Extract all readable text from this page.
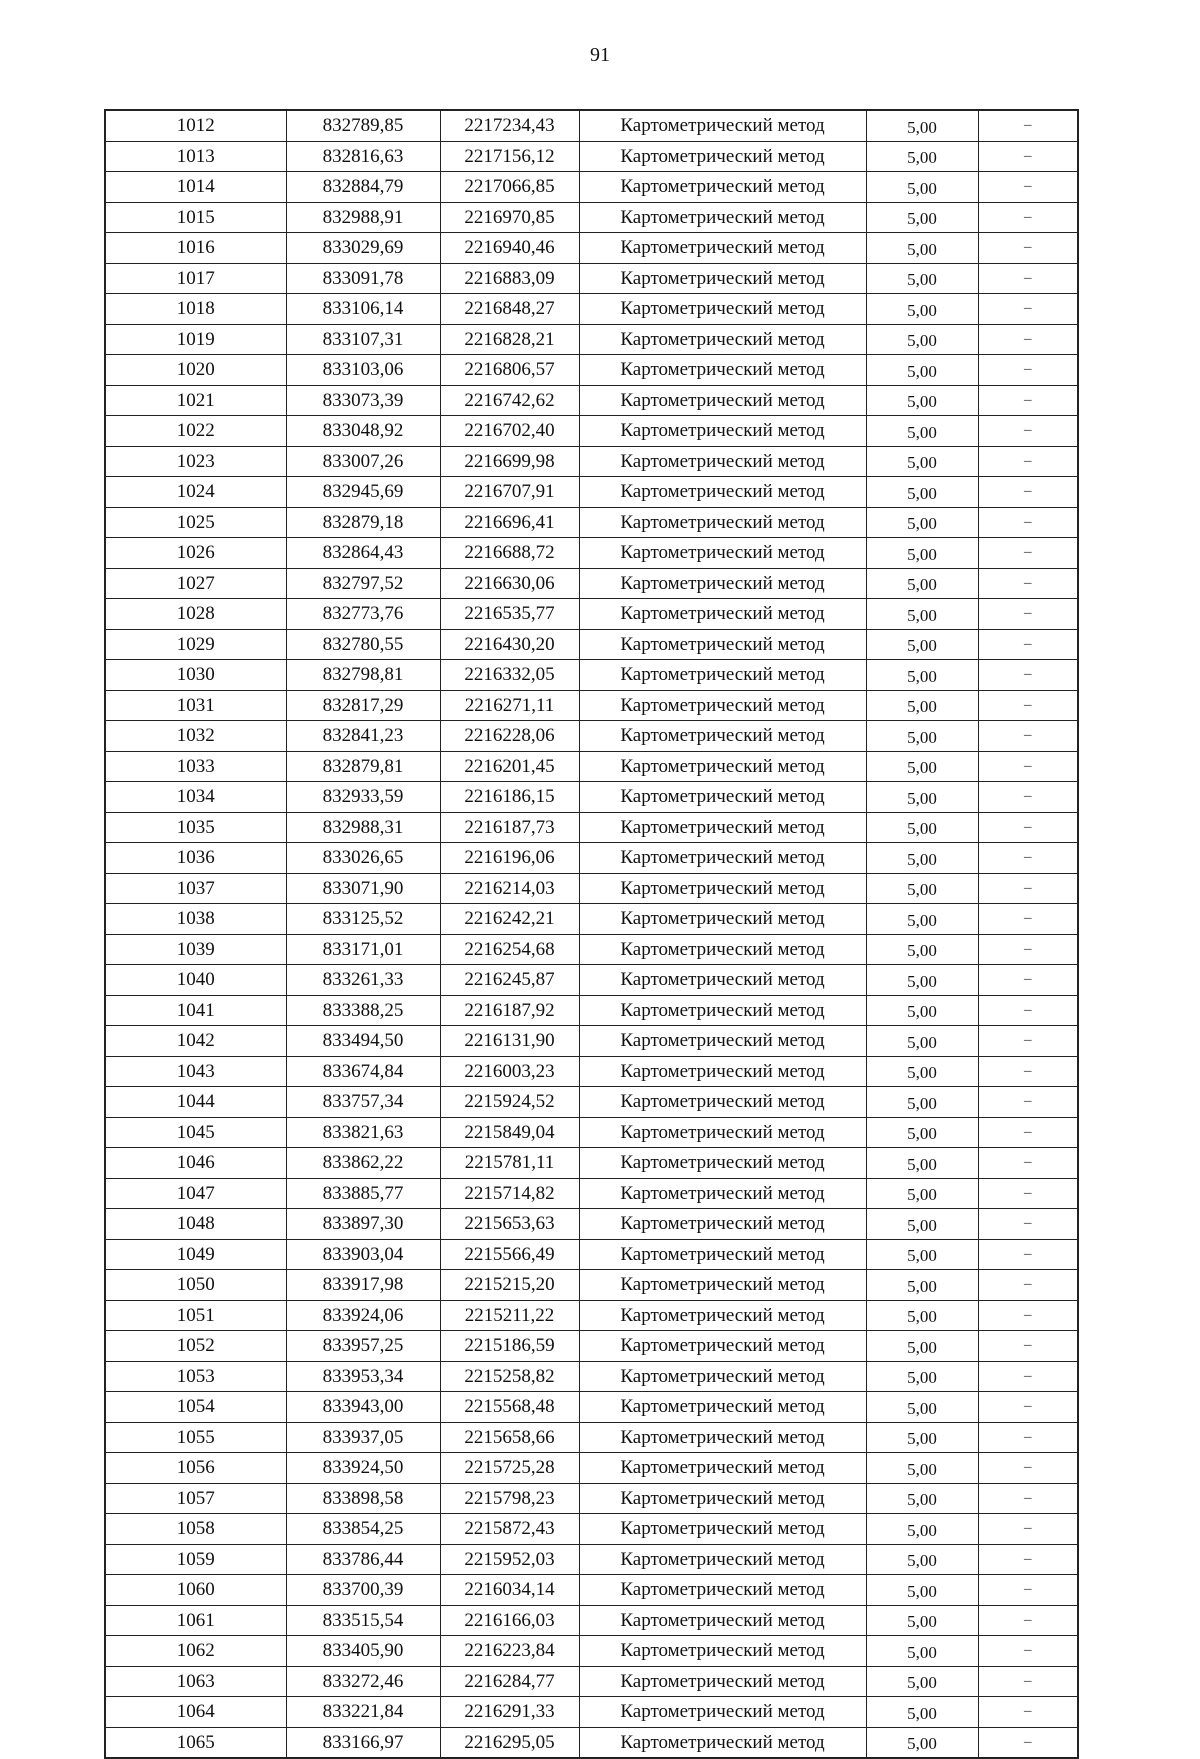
91
1012	832789,85	2217234,43	Картометрический метод	5,00	–
1013	832816,63	2217156,12	Картометрический метод	5,00	–
1014	832884,79	2217066,85	Картометрический метод	5,00	–
1015	832988,91	2216970,85	Картометрический метод	5,00	–
1016	833029,69	2216940,46	Картометрический метод	5,00	–
1017	833091,78	2216883,09	Картометрический метод	5,00	–
1018	833106,14	2216848,27	Картометрический метод	5,00	–
1019	833107,31	2216828,21	Картометрический метод	5,00	–
1020	833103,06	2216806,57	Картометрический метод	5,00	–
1021	833073,39	2216742,62	Картометрический метод	5,00	–
1022	833048,92	2216702,40	Картометрический метод	5,00	–
1023	833007,26	2216699,98	Картометрический метод	5,00	–
1024	832945,69	2216707,91	Картометрический метод	5,00	–
1025	832879,18	2216696,41	Картометрический метод	5,00	–
1026	832864,43	2216688,72	Картометрический метод	5,00	–
1027	832797,52	2216630,06	Картометрический метод	5,00	–
1028	832773,76	2216535,77	Картометрический метод	5,00	–
1029	832780,55	2216430,20	Картометрический метод	5,00	–
1030	832798,81	2216332,05	Картометрический метод	5,00	–
1031	832817,29	2216271,11	Картометрический метод	5,00	–
1032	832841,23	2216228,06	Картометрический метод	5,00	–
1033	832879,81	2216201,45	Картометрический метод	5,00	–
1034	832933,59	2216186,15	Картометрический метод	5,00	–
1035	832988,31	2216187,73	Картометрический метод	5,00	–
1036	833026,65	2216196,06	Картометрический метод	5,00	–
1037	833071,90	2216214,03	Картометрический метод	5,00	–
1038	833125,52	2216242,21	Картометрический метод	5,00	–
1039	833171,01	2216254,68	Картометрический метод	5,00	–
1040	833261,33	2216245,87	Картометрический метод	5,00	–
1041	833388,25	2216187,92	Картометрический метод	5,00	–
1042	833494,50	2216131,90	Картометрический метод	5,00	–
1043	833674,84	2216003,23	Картометрический метод	5,00	–
1044	833757,34	2215924,52	Картометрический метод	5,00	–
1045	833821,63	2215849,04	Картометрический метод	5,00	–
1046	833862,22	2215781,11	Картометрический метод	5,00	–
1047	833885,77	2215714,82	Картометрический метод	5,00	–
1048	833897,30	2215653,63	Картометрический метод	5,00	–
1049	833903,04	2215566,49	Картометрический метод	5,00	–
1050	833917,98	2215215,20	Картометрический метод	5,00	–
1051	833924,06	2215211,22	Картометрический метод	5,00	–
1052	833957,25	2215186,59	Картометрический метод	5,00	–
1053	833953,34	2215258,82	Картометрический метод	5,00	–
1054	833943,00	2215568,48	Картометрический метод	5,00	–
1055	833937,05	2215658,66	Картометрический метод	5,00	–
1056	833924,50	2215725,28	Картометрический метод	5,00	–
1057	833898,58	2215798,23	Картометрический метод	5,00	–
1058	833854,25	2215872,43	Картометрический метод	5,00	–
1059	833786,44	2215952,03	Картометрический метод	5,00	–
1060	833700,39	2216034,14	Картометрический метод	5,00	–
1061	833515,54	2216166,03	Картометрический метод	5,00	–
1062	833405,90	2216223,84	Картометрический метод	5,00	–
1063	833272,46	2216284,77	Картометрический метод	5,00	–
1064	833221,84	2216291,33	Картометрический метод	5,00	–
1065	833166,97	2216295,05	Картометрический метод	5,00	–
